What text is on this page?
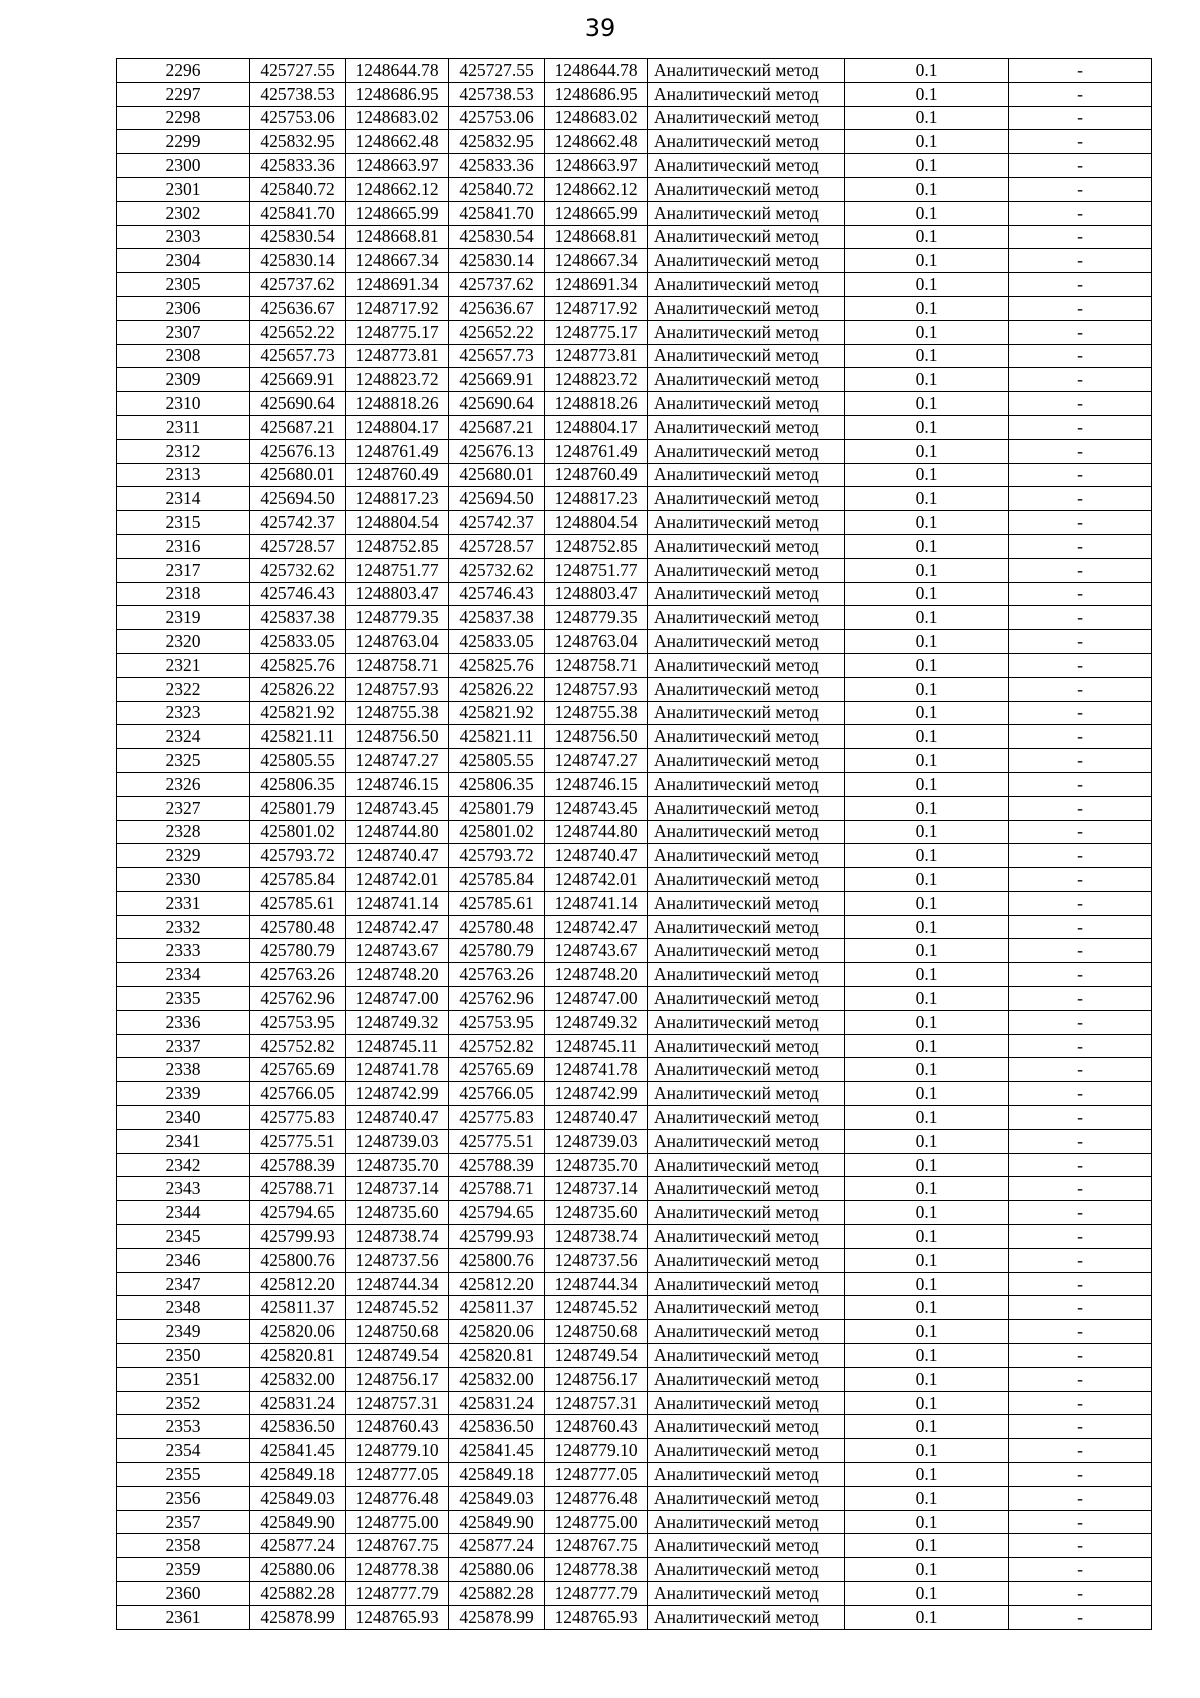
39
2296	425727.55	1248644.78	425727.55	1248644.78	Аналитический метод	0.1	-
2297	425738.53	1248686.95	425738.53	1248686.95	Аналитический метод	0.1	-
2298	425753.06	1248683.02	425753.06	1248683.02	Аналитический метод	0.1	-
2299	425832.95	1248662.48	425832.95	1248662.48	Аналитический метод	0.1	-
2300	425833.36	1248663.97	425833.36	1248663.97	Аналитический метод	0.1	-
2301	425840.72	1248662.12	425840.72	1248662.12	Аналитический метод	0.1	-
2302	425841.70	1248665.99	425841.70	1248665.99	Аналитический метод	0.1	-
2303	425830.54	1248668.81	425830.54	1248668.81	Аналитический метод	0.1	-
2304	425830.14	1248667.34	425830.14	1248667.34	Аналитический метод	0.1	-
2305	425737.62	1248691.34	425737.62	1248691.34	Аналитический метод	0.1	-
2306	425636.67	1248717.92	425636.67	1248717.92	Аналитический метод	0.1	-
2307	425652.22	1248775.17	425652.22	1248775.17	Аналитический метод	0.1	-
2308	425657.73	1248773.81	425657.73	1248773.81	Аналитический метод	0.1	-
2309	425669.91	1248823.72	425669.91	1248823.72	Аналитический метод	0.1	-
2310	425690.64	1248818.26	425690.64	1248818.26	Аналитический метод	0.1	-
2311	425687.21	1248804.17	425687.21	1248804.17	Аналитический метод	0.1	-
2312	425676.13	1248761.49	425676.13	1248761.49	Аналитический метод	0.1	-
2313	425680.01	1248760.49	425680.01	1248760.49	Аналитический метод	0.1	-
2314	425694.50	1248817.23	425694.50	1248817.23	Аналитический метод	0.1	-
2315	425742.37	1248804.54	425742.37	1248804.54	Аналитический метод	0.1	-
2316	425728.57	1248752.85	425728.57	1248752.85	Аналитический метод	0.1	-
2317	425732.62	1248751.77	425732.62	1248751.77	Аналитический метод	0.1	-
2318	425746.43	1248803.47	425746.43	1248803.47	Аналитический метод	0.1	-
2319	425837.38	1248779.35	425837.38	1248779.35	Аналитический метод	0.1	-
2320	425833.05	1248763.04	425833.05	1248763.04	Аналитический метод	0.1	-
2321	425825.76	1248758.71	425825.76	1248758.71	Аналитический метод	0.1	-
2322	425826.22	1248757.93	425826.22	1248757.93	Аналитический метод	0.1	-
2323	425821.92	1248755.38	425821.92	1248755.38	Аналитический метод	0.1	-
2324	425821.11	1248756.50	425821.11	1248756.50	Аналитический метод	0.1	-
2325	425805.55	1248747.27	425805.55	1248747.27	Аналитический метод	0.1	-
2326	425806.35	1248746.15	425806.35	1248746.15	Аналитический метод	0.1	-
2327	425801.79	1248743.45	425801.79	1248743.45	Аналитический метод	0.1	-
2328	425801.02	1248744.80	425801.02	1248744.80	Аналитический метод	0.1	-
2329	425793.72	1248740.47	425793.72	1248740.47	Аналитический метод	0.1	-
2330	425785.84	1248742.01	425785.84	1248742.01	Аналитический метод	0.1	-
2331	425785.61	1248741.14	425785.61	1248741.14	Аналитический метод	0.1	-
2332	425780.48	1248742.47	425780.48	1248742.47	Аналитический метод	0.1	-
2333	425780.79	1248743.67	425780.79	1248743.67	Аналитический метод	0.1	-
2334	425763.26	1248748.20	425763.26	1248748.20	Аналитический метод	0.1	-
2335	425762.96	1248747.00	425762.96	1248747.00	Аналитический метод	0.1	-
2336	425753.95	1248749.32	425753.95	1248749.32	Аналитический метод	0.1	-
2337	425752.82	1248745.11	425752.82	1248745.11	Аналитический метод	0.1	-
2338	425765.69	1248741.78	425765.69	1248741.78	Аналитический метод	0.1	-
2339	425766.05	1248742.99	425766.05	1248742.99	Аналитический метод	0.1	-
2340	425775.83	1248740.47	425775.83	1248740.47	Аналитический метод	0.1	-
2341	425775.51	1248739.03	425775.51	1248739.03	Аналитический метод	0.1	-
2342	425788.39	1248735.70	425788.39	1248735.70	Аналитический метод	0.1	-
2343	425788.71	1248737.14	425788.71	1248737.14	Аналитический метод	0.1	-
2344	425794.65	1248735.60	425794.65	1248735.60	Аналитический метод	0.1	-
2345	425799.93	1248738.74	425799.93	1248738.74	Аналитический метод	0.1	-
2346	425800.76	1248737.56	425800.76	1248737.56	Аналитический метод	0.1	-
2347	425812.20	1248744.34	425812.20	1248744.34	Аналитический метод	0.1	-
2348	425811.37	1248745.52	425811.37	1248745.52	Аналитический метод	0.1	-
2349	425820.06	1248750.68	425820.06	1248750.68	Аналитический метод	0.1	-
2350	425820.81	1248749.54	425820.81	1248749.54	Аналитический метод	0.1	-
2351	425832.00	1248756.17	425832.00	1248756.17	Аналитический метод	0.1	-
2352	425831.24	1248757.31	425831.24	1248757.31	Аналитический метод	0.1	-
2353	425836.50	1248760.43	425836.50	1248760.43	Аналитический метод	0.1	-
2354	425841.45	1248779.10	425841.45	1248779.10	Аналитический метод	0.1	-
2355	425849.18	1248777.05	425849.18	1248777.05	Аналитический метод	0.1	-
2356	425849.03	1248776.48	425849.03	1248776.48	Аналитический метод	0.1	-
2357	425849.90	1248775.00	425849.90	1248775.00	Аналитический метод	0.1	-
2358	425877.24	1248767.75	425877.24	1248767.75	Аналитический метод	0.1	-
2359	425880.06	1248778.38	425880.06	1248778.38	Аналитический метод	0.1	-
2360	425882.28	1248777.79	425882.28	1248777.79	Аналитический метод	0.1	-
2361	425878.99	1248765.93	425878.99	1248765.93	Аналитический метод	0.1	-
